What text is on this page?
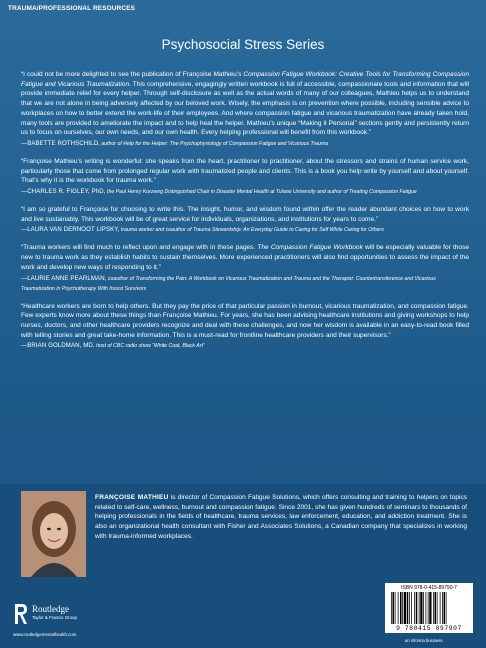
TRAUMA/PROFESSIONAL RESOURCES
Psychosocial Stress Series
“I could not be more delighted to see the publication of Françoise Mathieu’s Compassion Fatigue Workbook: Creative Tools for Transforming Compassion Fatigue and Vicarious Traumatization. This comprehensive, engagingly written workbook is full of accessible, compassionate tools and information that will provide immediate relief for every helper. Through self-disclosure as well as the actual words of many of our colleagues, Mathieu helps us to understand that we are not alone in being adversely affected by our beloved work. Wisely, the emphasis is on prevention where possible, including sensible advice to workplaces on how to better extend the work-life of their employees. And where compassion fatigue and vicarious traumatization have already taken hold, many tools are provided to ameliorate the impact and to help heal the helper. Mathieu’s unique “Making it Personal” sections gently and persistently return us to focus on ourselves, our own needs, and our own health. Every helping professional will benefit from this workbook.”
—BABETTE ROTHSCHILD, author of Help for the Helper: The Psychophysiology of Compassion Fatigue and Vicarious Trauma
“Françoise Mathieu’s writing is wonderful: she speaks from the heart, practitioner to practitioner, about the stressors and strains of human service work, particularly those that come from prolonged regular work with traumatized people and clients. This is a book you help write by yourself and about yourself. That’s why it is the workbook for trauma work.”
—CHARLES R. FIGLEY, PhD, the Paul Henry Kurzweg Distinguished Chair in Disaster Mental Health at Tulane University and author of Treating Compassion Fatigue
“I am so grateful to Françoise for choosing to write this. The insight, humor, and wisdom found within offer the reader abundant choices on how to work and live sustainably. This workbook will be of great service for individuals, organizations, and institutions for years to come.”
—LAURA VAN DERNOOT LIPSKY, trauma worker and coauthor of Trauma Stewardship: An Everyday Guide to Caring for Self While Caring for Others
“Trauma workers will find much to reflect upon and engage with in these pages. The Compassion Fatigue Workbook will be especially valuable for those new to trauma work as they establish habits to sustain themselves. More experienced practitioners will also find opportunities to assess the impact of the work and develop new ways of responding to it.”
—LAURIE ANNE PEARLMAN, coauthor of Transforming the Pain: A Workbook on Vicarious Traumatization and Trauma and the Therapist: Countertransference and Vicarious Traumatization in Psychotherapy With Incest Survivors
“Healthcare workers are born to help others. But they pay the price of that particular passion in burnout, vicarious traumatization, and compassion fatigue. Few experts know more about these things than Françoise Mathieu. For years, she has been advising healthcare institutions and giving workshops to help nurses, doctors, and other healthcare providers recognize and deal with these challenges, and now her wisdom is available in an easy-to-read book filled with telling stories and great take-home information. This is a must-read for frontline healthcare providers and their supervisors.”
—BRIAN GOLDMAN, MD, host of CBC radio show “White Coat, Black Art”
FRANÇOISE MATHIEU is director of Compassion Fatigue Solutions, which offers consulting and training to helpers on topics related to self-care, wellness, burnout and compassion fatigue. Since 2001, she has given hundreds of seminars to thousands of helping professionals in the fields of healthcare, trauma services, law enforcement, education, and addiction treatment. She is also an organizational health consultant with Fisher and Associates Solutions, a Canadian company that specializes in working with trauma-informed workplaces.
Routledge
Taylor & Francis Group
www.routledgementalhealth.com
ISBN 978-0-415-89790-7
9 780415 897907
an informa business
